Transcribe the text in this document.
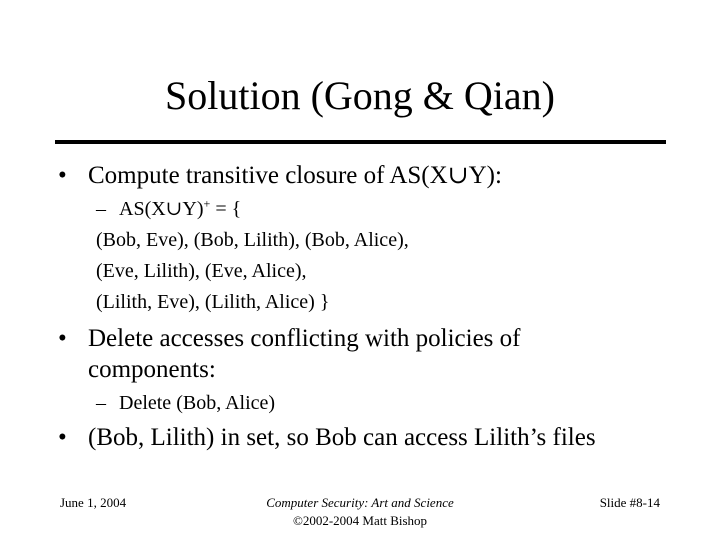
Solution (Gong & Qian)
• Compute transitive closure of AS(X∪Y):
– AS(X∪Y)+ = {
(Bob, Eve), (Bob, Lilith), (Bob, Alice),
(Eve, Lilith), (Eve, Alice),
(Lilith, Eve), (Lilith, Alice) }
• Delete accesses conflicting with policies of
components:
– Delete (Bob, Alice)
• (Bob, Lilith) in set, so Bob can access Lilith’s files
June 1, 2004	Computer Security: Art and Science
©2002-2004 Matt Bishop
Slide #8-14
